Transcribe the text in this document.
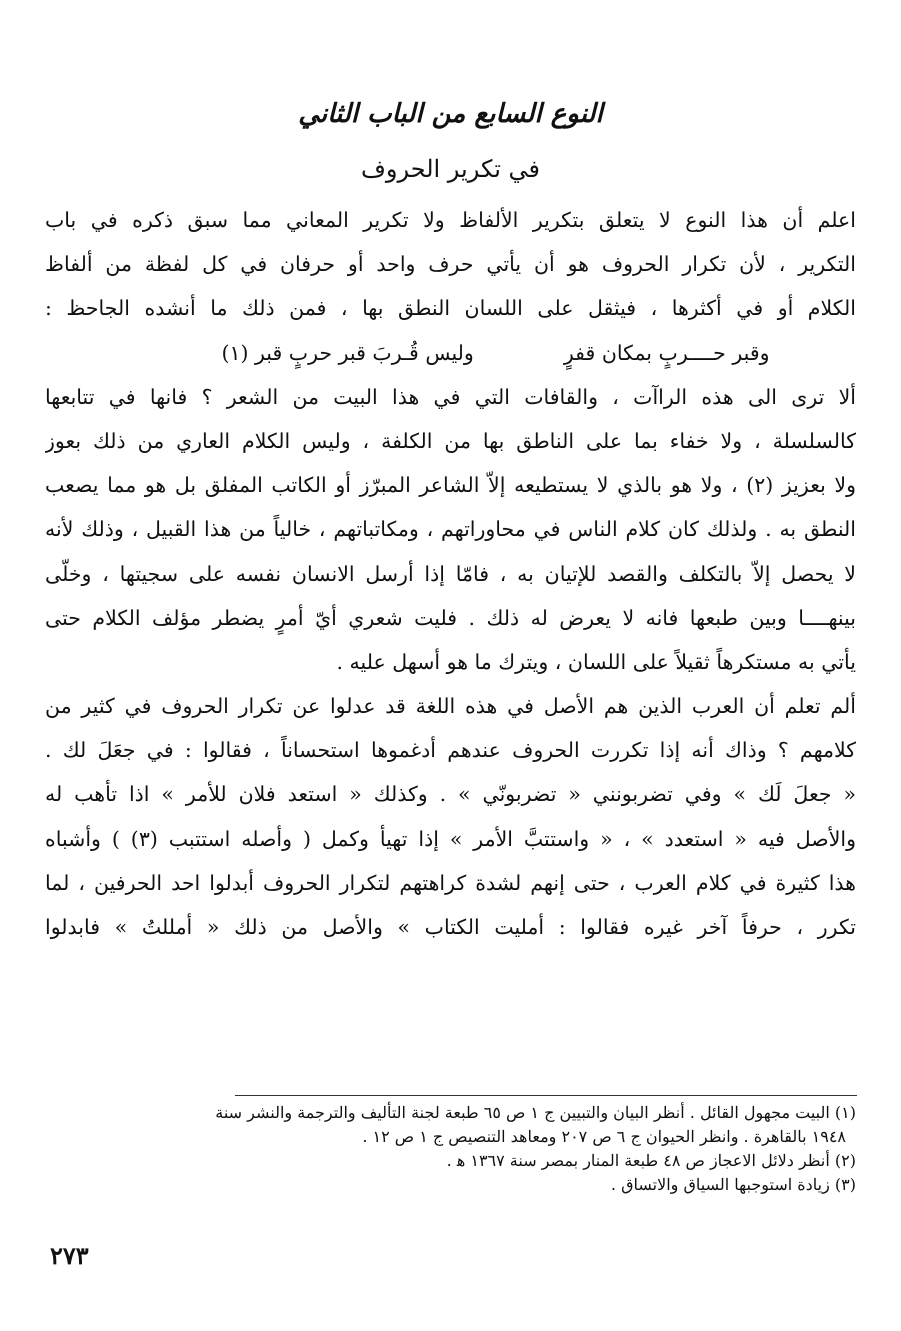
النوع السابع من الباب الثاني
في تكرير الحروف
اعلم أن هذا النوع لا يتعلق بتكرير الألفاظ ولا تكرير المعاني مما سبق ذكره في باب
التكرير ، لأن تكرار الحروف هو أن يأتي حرف واحد أو حرفان في كل لفظة من ألفاظ
الكلام أو في أكثرها ، فيثقل على اللسان النطق بها ، فمن ذلك ما أنشده الجاحظ :
وقبر حــــربٍ بمكان قفرٍ
وليس قُـربَ قبر حربٍ قبر (١)
ألا ترى الى هذه الراآت ، والقافات التي في هذا البيت من الشعر ؟ فانها في تتابعها
كالسلسلة ، ولا خفاء بما على الناطق بها من الكلفة ، وليس الكلام العاري من ذلك بعوز
ولا بعزيز (٢) ، ولا هو بالذي لا يستطيعه إلاّ الشاعر المبرّز أو الكاتب المفلق بل هو مما يصعب
النطق به . ولذلك كان كلام الناس في محاوراتهم ، ومكاتباتهم ، خالياً من هذا القبيل ، وذلك لأنه
لا يحصل إلاّ بالتكلف والقصد للإتيان به ، فامّا إذا أرسل الانسان نفسه على سجيتها ، وخلّى
بينهــــا وبين طبعها فانه لا يعرض له ذلك . فليت شعري أيّ أمرٍ يضطر مؤلف الكلام حتى
يأتي به مستكرهاً ثقيلاً على اللسان ، ويترك ما هو أسهل عليه .
ألم تعلم أن العرب الذين هم الأصل في هذه اللغة قد عدلوا عن تكرار الحروف في كثير من
كلامهم ؟ وذاك أنه إذا تكررت الحروف عندهم أدغموها استحساناً ، فقالوا : في جعَلَ لك .
« جعلَ لَك » وفي تضربونني « تضربونّي » . وكذلك « استعد فلان للأمر » اذا تأهب له
والأصل فيه « استعدد » ، « واستتبَّ الأمر » إذا تهيأ وكمل ( وأصله استتبب (٣) ) وأشباه
هذا كثيرة في كلام العرب ، حتى إنهم لشدة كراهتهم لتكرار الحروف أبدلوا احد الحرفين ، لما
تكرر ، حرفاً آخر غيره فقالوا : أمليت الكتاب » والأصل من ذلك « أمللتُ » فابدلوا
(١) البيت مجهول القائل . أنظر البيان والتبيين ج ١ ص ٦٥ طبعة لجنة التأليف والترجمة والنشر سنة
١٩٤٨ بالقاهرة . وانظر الحيوان ج ٦ ص ٢٠٧ ومعاهد التنصيص ج ١ ص ١٢ .
(٢) أنظر دلائل الاعجاز ص ٤٨ طبعة المنار بمصر سنة ١٣٦٧ ﻫ .
(٣) زيادة استوجبها السياق والاتساق .
٢٧٣
